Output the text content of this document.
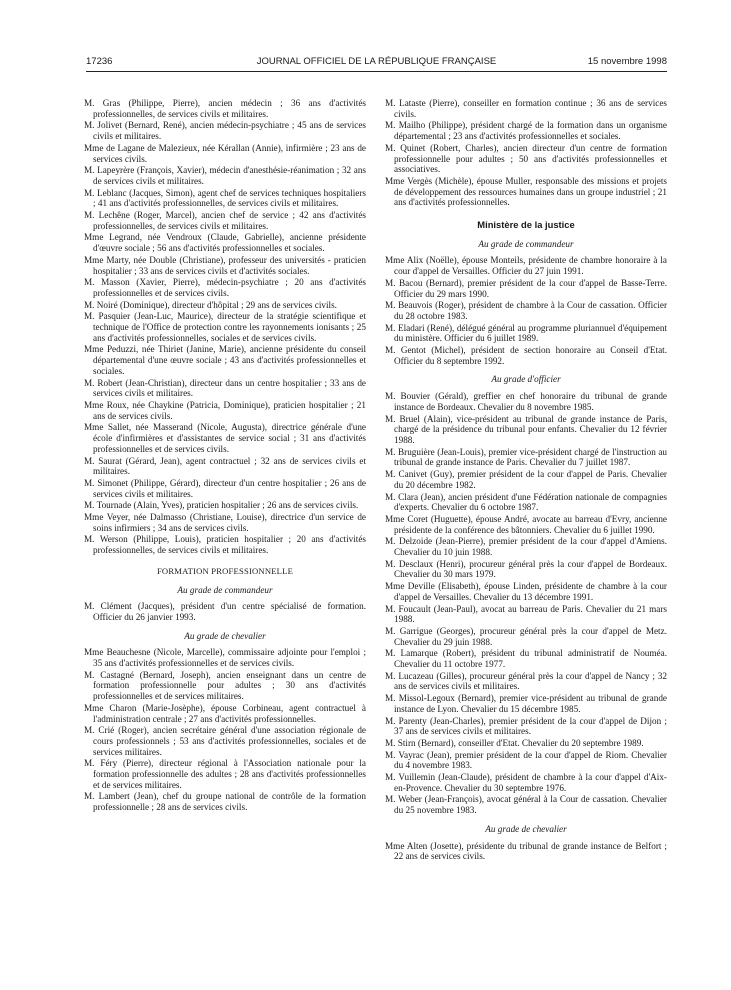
17236	JOURNAL OFFICIEL DE LA RÉPUBLIQUE FRANÇAISE	15 novembre 1998

M. Gras (Philippe, Pierre), ancien médecin ; 36 ans d'activités professionnelles, de services civils et militaires.

M. Jolivet (Bernard, René), ancien médecin-psychiatre ; 45 ans de services civils et militaires.

Mme de Lagane de Malezieux, née Kérallan (Annie), infirmière ; 23 ans de services civils.

M. Lapeyrère (François, Xavier), médecin d'anesthésie-réanimation ; 32 ans de services civils et militaires.

M. Leblanc (Jacques, Simon), agent chef de services techniques hospitaliers ; 41 ans d'activités professionnelles, de services civils et militaires.

M. Lechêne (Roger, Marcel), ancien chef de service ; 42 ans d'activités professionnelles, de services civils et militaires.

Mme Legrand, née Vendroux (Claude, Gabrielle), ancienne présidente d'œuvre sociale ; 56 ans d'activités professionnelles et sociales.

Mme Marty, née Double (Christiane), professeur des universités - praticien hospitalier ; 33 ans de services civils et d'activités sociales.

M. Masson (Xavier, Pierre), médecin-psychiatre ; 20 ans d'activités professionnelles et de services civils.

M. Noiré (Dominique), directeur d'hôpital ; 29 ans de services civils.

M. Pasquier (Jean-Luc, Maurice), directeur de la stratégie scientifique et technique de l'Office de protection contre les rayonnements ionisants ; 25 ans d'activités professionnelles, sociales et de services civils.

Mme Peduzzi, née Thiriet (Janine, Marie), ancienne présidente du conseil départemental d'une œuvre sociale ; 43 ans d'activités professionnelles et sociales.

M. Robert (Jean-Christian), directeur dans un centre hospitalier ; 33 ans de services civils et militaires.

Mme Roux, née Chaykine (Patricia, Dominique), praticien hospitalier ; 21 ans de services civils.

Mme Sallet, née Masserand (Nicole, Augusta), directrice générale d'une école d'infirmières et d'assistantes de service social ; 31 ans d'activités professionnelles et de services civils.

M. Saurat (Gérard, Jean), agent contractuel ; 32 ans de services civils et militaires.

M. Simonet (Philippe, Gérard), directeur d'un centre hospitalier ; 26 ans de services civils et militaires.

M. Tournade (Alain, Yves), praticien hospitalier ; 26 ans de services civils.

Mme Veyer, née Dalmasso (Christiane, Louise), directrice d'un service de soins infirmiers ; 34 ans de services civils.

M. Werson (Philippe, Louis), praticien hospitalier ; 20 ans d'activités professionnelles, de services civils et militaires.

FORMATION PROFESSIONNELLE

Au grade de commandeur

M. Clément (Jacques), président d'un centre spécialisé de formation. Officier du 26 janvier 1993.

Au grade de chevalier

Mme Beauchesne (Nicole, Marcelle), commissaire adjointe pour l'emploi ; 35 ans d'activités professionnelles et de services civils.

M. Castagné (Bernard, Joseph), ancien enseignant dans un centre de formation professionnelle pour adultes ; 30 ans d'activités professionnelles et de services militaires.

Mme Charon (Marie-Josèphe), épouse Corbineau, agent contractuel à l'administration centrale ; 27 ans d'activités professionnelles.

M. Crié (Roger), ancien secrétaire général d'une association régionale de cours professionnels ; 53 ans d'activités professionnelles, sociales et de services militaires.

M. Féry (Pierre), directeur régional à l'Association nationale pour la formation professionnelle des adultes ; 28 ans d'activités professionnelles et de services militaires.

M. Lambert (Jean), chef du groupe national de contrôle de la formation professionnelle ; 28 ans de services civils.

M. Lataste (Pierre), conseiller en formation continue ; 36 ans de services civils.

M. Mailho (Philippe), président chargé de la formation dans un organisme départemental ; 23 ans d'activités professionnelles et sociales.

M. Quinet (Robert, Charles), ancien directeur d'un centre de formation professionnelle pour adultes ; 50 ans d'activités professionnelles et associatives.

Mme Vergès (Michèle), épouse Muller, responsable des missions et projets de développement des ressources humaines dans un groupe industriel ; 21 ans d'activités professionnelles.

Ministère de la justice

Au grade de commandeur

Mme Alix (Noëlle), épouse Monteils, présidente de chambre honoraire à la cour d'appel de Versailles. Officier du 27 juin 1991.

M. Bacou (Bernard), premier président de la cour d'appel de Basse-Terre. Officier du 29 mars 1990.

M. Beauvois (Roger), président de chambre à la Cour de cassation. Officier du 28 octobre 1983.

M. Eladari (René), délégué général au programme pluriannuel d'équipement du ministère. Officier du 6 juillet 1989.

M. Gentot (Michel), président de section honoraire au Conseil d'Etat. Officier du 8 septembre 1992.

Au grade d'officier

M. Bouvier (Gérald), greffier en chef honoraire du tribunal de grande instance de Bordeaux. Chevalier du 8 novembre 1985.

M. Bruel (Alain), vice-président au tribunal de grande instance de Paris, chargé de la présidence du tribunal pour enfants. Chevalier du 12 février 1988.

M. Bruguière (Jean-Louis), premier vice-président chargé de l'instruction au tribunal de grande instance de Paris. Chevalier du 7 juillet 1987.

M. Canivet (Guy), premier président de la cour d'appel de Paris. Chevalier du 20 décembre 1982.

M. Clara (Jean), ancien président d'une Fédération nationale de compagnies d'experts. Chevalier du 6 octobre 1987.

Mme Coret (Huguette), épouse André, avocate au barreau d'Evry, ancienne présidente de la conférence des bâtonniers. Chevalier du 6 juillet 1990.

M. Delzoide (Jean-Pierre), premier président de la cour d'appel d'Amiens. Chevalier du 10 juin 1988.

M. Desclaux (Henri), procureur général près la cour d'appel de Bordeaux. Chevalier du 30 mars 1979.

Mme Deville (Elisabeth), épouse Linden, présidente de chambre à la cour d'appel de Versailles. Chevalier du 13 décembre 1991.

M. Foucault (Jean-Paul), avocat au barreau de Paris. Chevalier du 21 mars 1988.

M. Garrigue (Georges), procureur général près la cour d'appel de Metz. Chevalier du 29 juin 1988.

M. Lamarque (Robert), président du tribunal administratif de Nouméa. Chevalier du 11 octobre 1977.

M. Lucazeau (Gilles), procureur général près la cour d'appel de Nancy ; 32 ans de services civils et militaires.

M. Missol-Legoux (Bernard), premier vice-président au tribunal de grande instance de Lyon. Chevalier du 15 décembre 1985.

M. Parenty (Jean-Charles), premier président de la cour d'appel de Dijon ; 37 ans de services civils et militaires.

M. Stirn (Bernard), conseiller d'Etat. Chevalier du 20 septembre 1989.

M. Vayrac (Jean), premier président de la cour d'appel de Riom. Chevalier du 4 novembre 1983.

M. Vuillemin (Jean-Claude), président de chambre à la cour d'appel d'Aix-en-Provence. Chevalier du 30 septembre 1976.

M. Weber (Jean-François), avocat général à la Cour de cassation. Chevalier du 25 novembre 1983.

Au grade de chevalier

Mme Alten (Josette), présidente du tribunal de grande instance de Belfort ; 22 ans de services civils.
